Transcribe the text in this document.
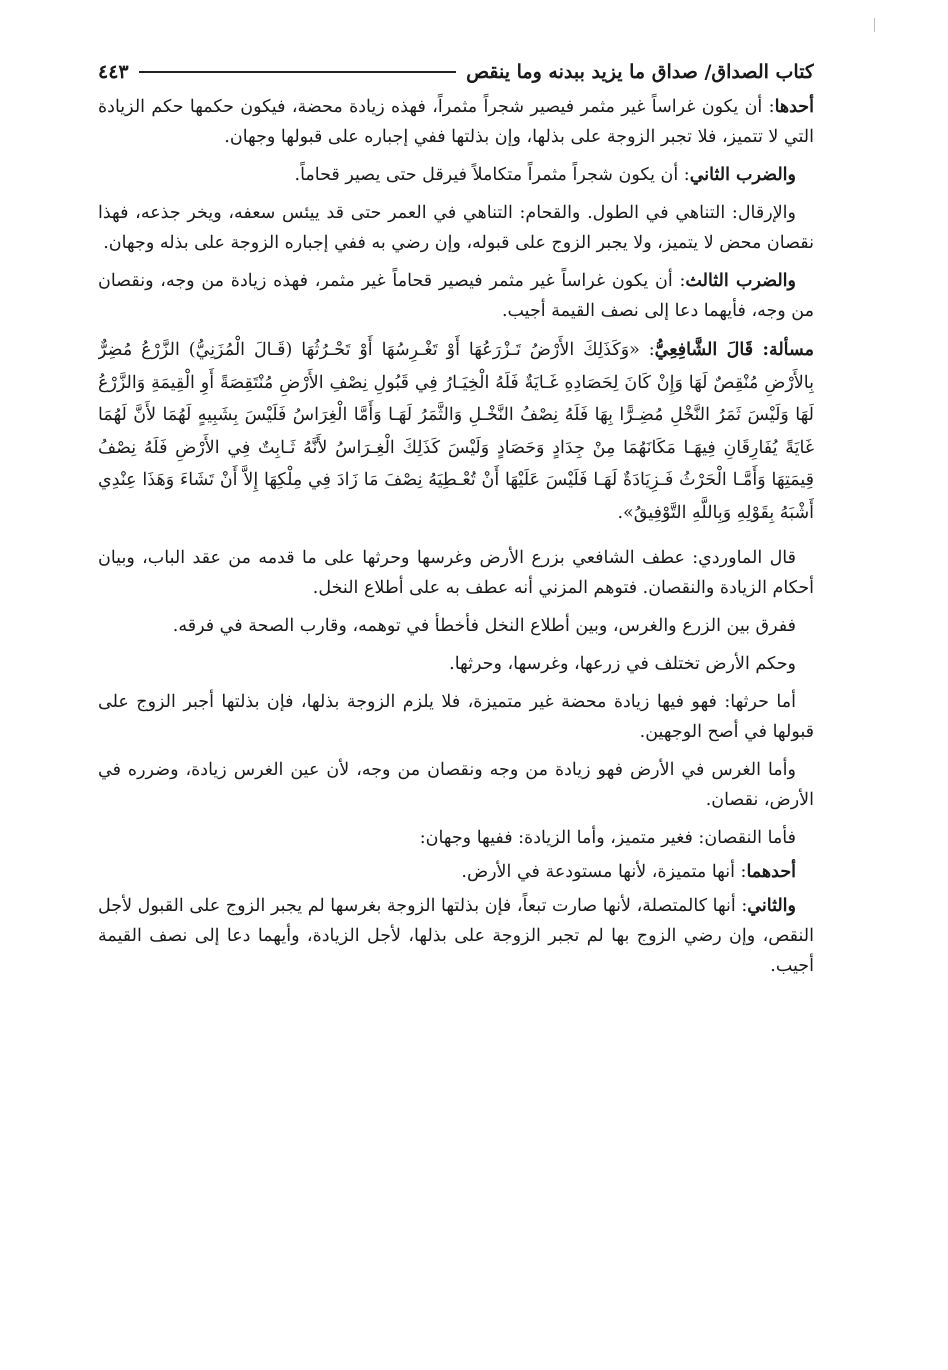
كتاب الصداق/ صداق ما يزيد ببدنه وما ينقص
٤٤٣

أحدها: أن يكون غراساً غير مثمر فيصير شجراً مثمراً، فهذه زيادة محضة، فيكون حكمها حكم الزيادة التي لا تتميز، فلا تجبر الزوجة على بذلها، وإن بذلتها ففي إجباره على قبولها وجهان.

والضرب الثاني: أن يكون شجراً مثمراً متكاملاً فيرقل حتى يصير قحاماً.

والإرقال: التناهي في الطول. والقحام: التناهي في العمر حتى قد ييئس سعفه، ويخر جذعه، فهذا نقصان محض لا يتميز، ولا يجبر الزوج على قبوله، وإن رضي به ففي إجباره الزوجة على بذله وجهان.

والضرب الثالث: أن يكون غراساً غير مثمر فيصير قحاماً غير مثمر، فهذه زيادة من وجه، ونقصان من وجه، فأيهما دعا إلى نصف القيمة أجيب.

مسألة: قَالَ الشَّافِعِيُّ: «وَكَذَلِكَ الأَرْضُ تَـزْرَعُهَا أَوْ تَغْـرِسُهَا أَوْ تَحْـرُثُهَا (قَـالَ الْمُزَنِيُّ) الزَّرْعُ مُضِرٌّ بِالأَرْضِ مُنْقِصٌ لَهَا وَإِنْ كَانَ لِحَصَادِهِ غَـايَةٌ فَلَهُ الْخِيَـارُ فِي قَبُولِ نِصْفِ الأَرْضِ مُنْتَقِصَةً أَوِ الْقِيمَةِ وَالزَّرْعُ لَهَا وَلَيْسَ ثَمَرُ النَّخْلِ مُضِـرًّا بِهَا فَلَهُ نِصْفُ النَّخْـلِ وَالثَّمَرُ لَهَـا وَأَمَّا الْغِرَاسُ فَلَيْسَ بِشَبِيهٍ لَهُمَا لأَنَّ لَهُمَا غَايَةً يُفَارِقَانِ فِيهَـا مَكَانَهُمَا مِنْ جِدَادٍ وَحَصَادٍ وَلَيْسَ كَذَلِكَ الْغِـرَاسُ لأَنَّهُ ثَـابِتٌ فِي الأَرْضِ فَلَهُ نِصْفُ قِيمَتِهَا وَأَمَّـا الْحَرْثُ فَـزِيَادَةٌ لَهَـا فَلَيْسَ عَلَيْهَا أَنْ تُعْـطِيَهُ نِصْفَ مَا زَادَ فِي مِلْكِهَا إِلاَّ أَنْ تَشَاءَ وَهَذَا عِنْدِي أَشْبَهُ بِقَوْلِهِ وَبِاللَّهِ التَّوْفِيقُ».

قال الماوردي: عطف الشافعي بزرع الأرض وغرسها وحرثها على ما قدمه من عقد الباب، وبيان أحكام الزيادة والنقصان. فتوهم المزني أنه عطف به على أطلاع النخل.

ففرق بين الزرع والغرس، وبين أطلاع النخل فأخطأ في توهمه، وقارب الصحة في فرقه.

وحكم الأرض تختلف في زرعها، وغرسها، وحرثها.

أما حرثها: فهو فيها زيادة محضة غير متميزة، فلا يلزم الزوجة بذلها، فإن بذلتها أجبر الزوج على قبولها في أصح الوجهين.

وأما الغرس في الأرض فهو زيادة من وجه ونقصان من وجه، لأن عين الغرس زيادة، وضرره في الأرض، نقصان.

فأما النقصان: فغير متميز، وأما الزيادة: ففيها وجهان:

أحدهما: أنها متميزة، لأنها مستودعة في الأرض.

والثاني: أنها كالمتصلة، لأنها صارت تبعاً، فإن بذلتها الزوجة بغرسها لم يجبر الزوج على القبول لأجل النقص، وإن رضي الزوج بها لم تجبر الزوجة على بذلها، لأجل الزيادة، وأيهما دعا إلى نصف القيمة أجيب.
